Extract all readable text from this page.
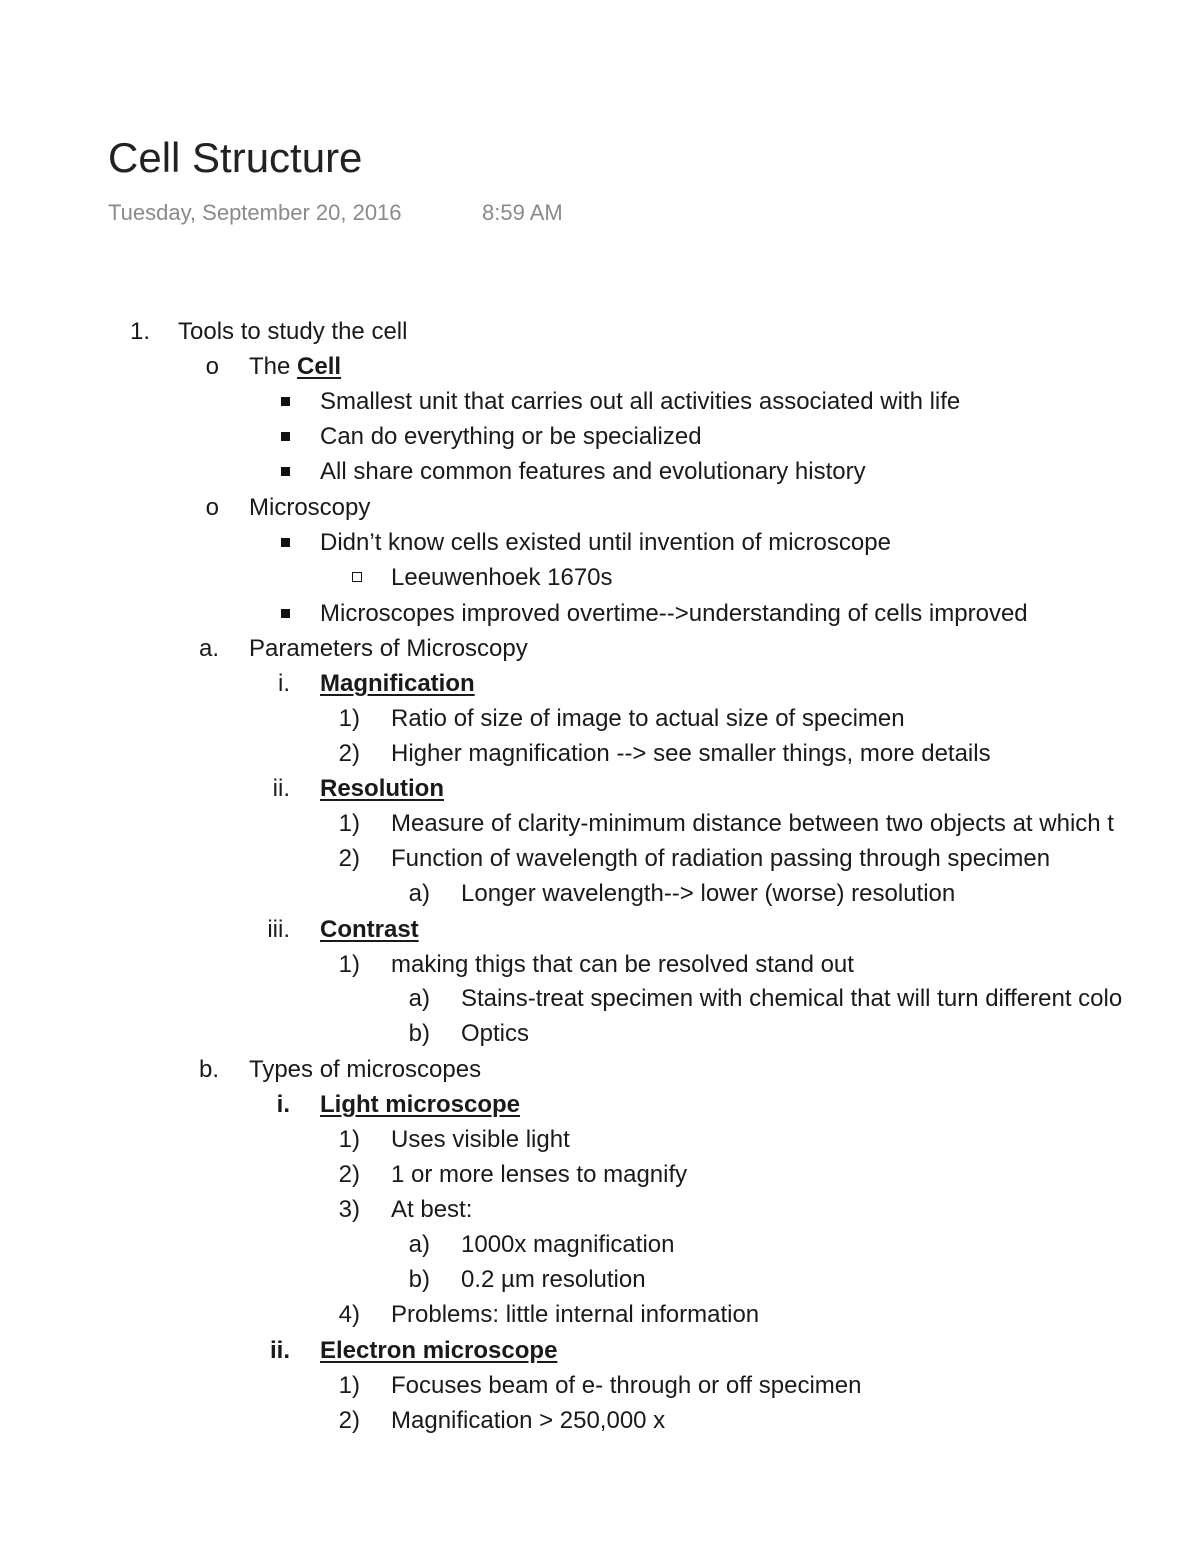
Cell Structure
Tuesday, September 20, 2016	8:59 AM
1. Tools to study the cell
o The Cell
Smallest unit that carries out all activities associated with life
Can do everything or be specialized
All share common features and evolutionary history
o Microscopy
Didn’t know cells existed until invention of microscope
Leeuwenhoek 1670s
Microscopes improved overtime-->understanding of cells improved
a. Parameters of Microscopy
i. Magnification
1) Ratio of size of image to actual size of specimen
2) Higher magnification --> see smaller things, more details
ii. Resolution
1) Measure of clarity-minimum distance between two objects at which t
2) Function of wavelength of radiation passing through specimen
a) Longer wavelength--> lower (worse) resolution
iii. Contrast
1) making thigs that can be resolved stand out
a) Stains-treat specimen with chemical that will turn different colo
b) Optics
b. Types of microscopes
i. Light microscope
1) Uses visible light
2) 1 or more lenses to magnify
3) At best:
a) 1000x magnification
b) 0.2 µm resolution
4) Problems: little internal information
ii. Electron microscope
1) Focuses beam of e- through or off specimen
2) Magnification > 250,000 x
